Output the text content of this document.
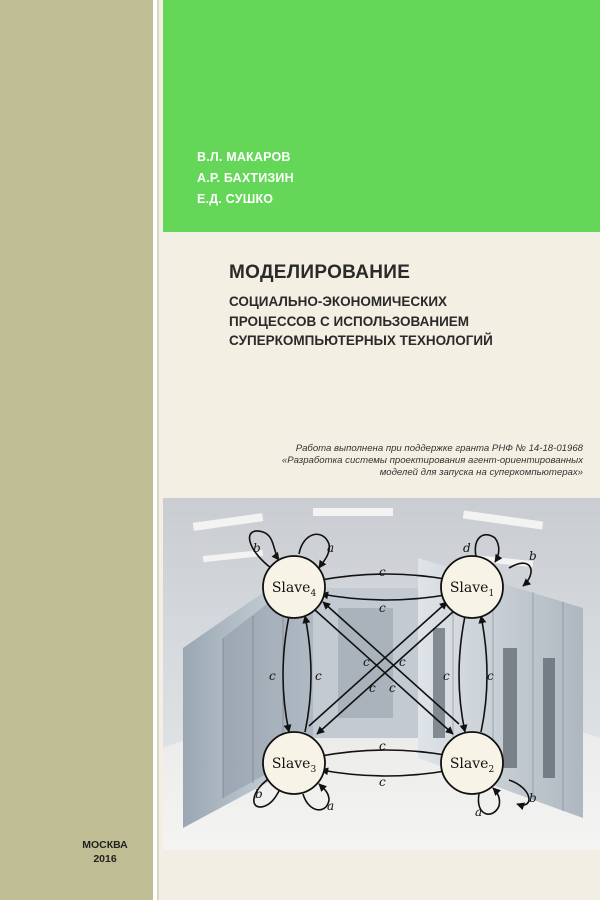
В.Л. МАКАРОВ
А.Р. БАХТИЗИН
Е.Д. СУШКО
МОДЕЛИРОВАНИЕ
СОЦИАЛЬНО-ЭКОНОМИЧЕСКИХ
ПРОЦЕССОВ С ИСПОЛЬЗОВАНИЕМ
СУПЕРКОМПЬЮТЕРНЫХ ТЕХНОЛОГИЙ
Работа выполнена при поддержке гранта РНФ № 14-18-01968
«Разработка системы проектирования агент-ориентированных
моделей для запуска на суперкомпьютерах»
c
c
c
c
c	c	c	c
c c
c c
b	a	d
b
b
a	a
b
Slave$_4$	Slave$_1$
Slave$_3$	Slave$_2$
МОСКВА
2016
